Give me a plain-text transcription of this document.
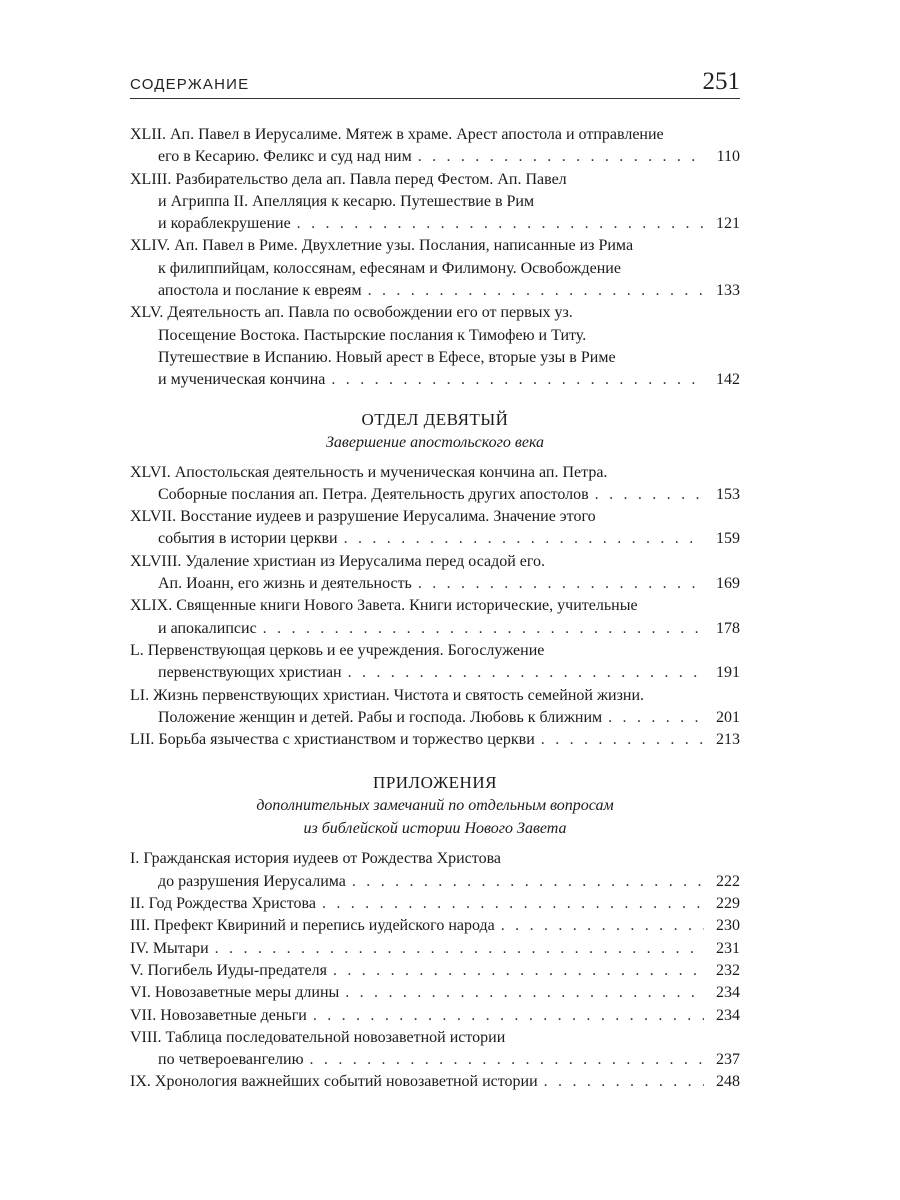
СОДЕРЖАНИЕ	251
XLII. Ап. Павел в Иерусалиме. Мятеж в храме. Арест апостола и отправление
его в Кесарию. Феликс и суд над ним . . .	110
XLIII. Разбирательство дела ап. Павла перед Фестом. Ап. Павел
и Агриппа II. Апелляция к кесарю. Путешествие в Рим
и кораблекрушение . . .	121
XLIV. Ап. Павел в Риме. Двухлетние узы. Послания, написанные из Рима
к филиппийцам, колоссянам, ефесянам и Филимону. Освобождение
апостола и послание к евреям . . .	133
XLV. Деятельность ап. Павла по освобождении его от первых уз.
Посещение Востока. Пастырские послания к Тимофею и Титу.
Путешествие в Испанию. Новый арест в Ефесе, вторые узы в Риме
и мученическая кончина . . .	142
ОТДЕЛ ДЕВЯТЫЙ
Завершение апостольского века
XLVI. Апостольская деятельность и мученическая кончина ап. Петра.
Соборные послания ап. Петра. Деятельность других апостолов . . .	153
XLVII. Восстание иудеев и разрушение Иерусалима. Значение этого
события в истории церкви . . .	159
XLVIII. Удаление христиан из Иерусалима перед осадой его.
Ап. Иоанн, его жизнь и деятельность . . .	169
XLIX. Священные книги Нового Завета. Книги исторические, учительные
и апокалипсис . . .	178
L. Первенствующая церковь и ее учреждения. Богослужение
первенствующих христиан . . .	191
LI. Жизнь первенствующих христиан. Чистота и святость семейной жизни.
Положение женщин и детей. Рабы и господа. Любовь к ближним . . .	201
LII. Борьба язычества с христианством и торжество церкви . . .	213
ПРИЛОЖЕНИЯ
дополнительных замечаний по отдельным вопросам
из библейской истории Нового Завета
I. Гражданская история иудеев от Рождества Христова
до разрушения Иерусалима . . .	222
II. Год Рождества Христова . . .	229
III. Префект Квириний и перепись иудейского народа . . .	230
IV. Мытари . . .	231
V. Погибель Иуды-предателя . . .	232
VI. Новозаветные меры длины . . .	234
VII. Новозаветные деньги . . .	234
VIII. Таблица последовательной новозаветной истории
по четвероевангелию . . .	237
IX. Хронология важнейших событий новозаветной истории . . .	248
